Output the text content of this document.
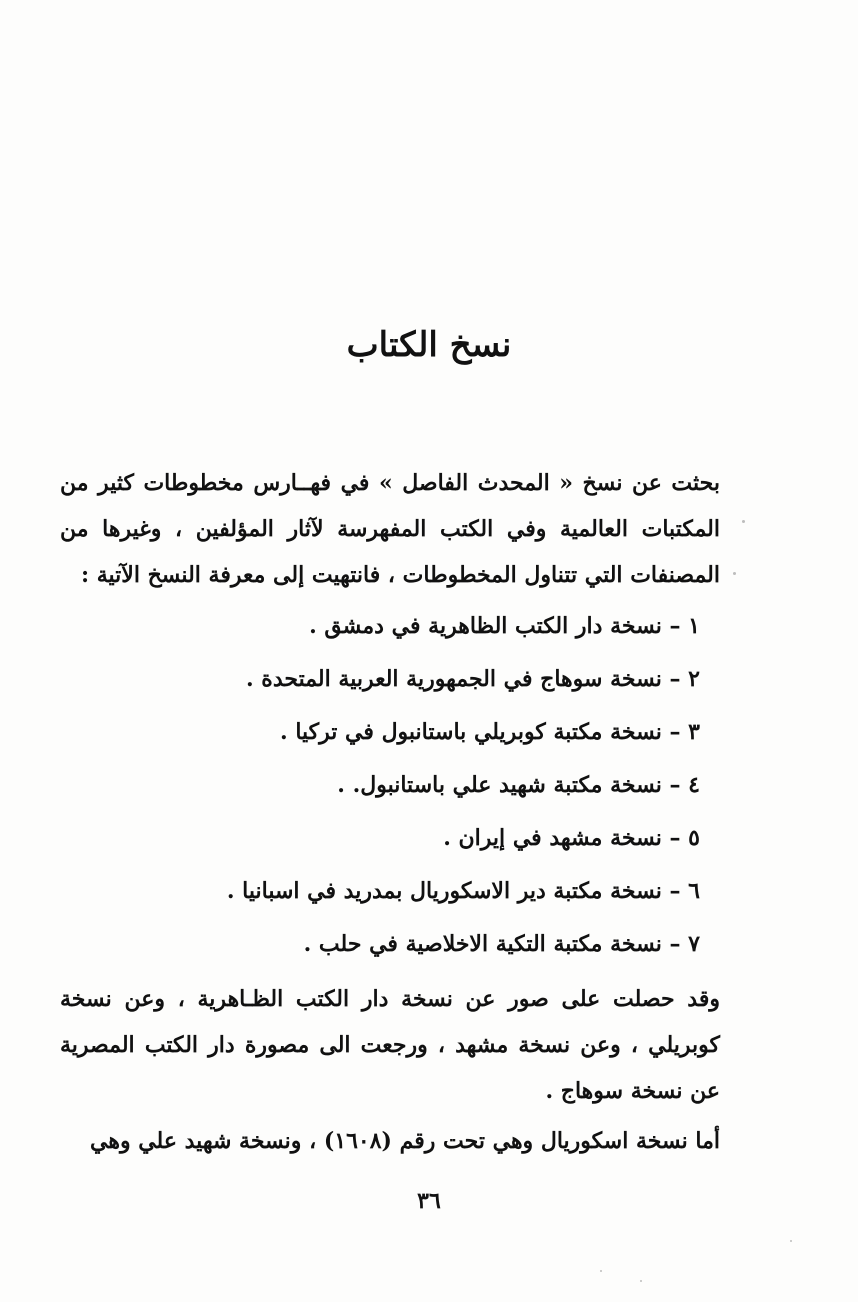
نسخ الكتاب

بحثت عن نسخ « المحدث الفاصل » في فهــارس مخطوطات كثير من المكتبات العالمية وفي الكتب المفهرسة لآثار المؤلفين ، وغيرها من المصنفات التي تتناول المخطوطات ، فانتهيت إلى معرفة النسخ الآتية :

١ – نسخة دار الكتب الظاهرية في دمشق .
٢ – نسخة سوهاج في الجمهورية العربية المتحدة .
٣ – نسخة مكتبة كوبريلي باستانبول في تركيا .
٤ – نسخة مكتبة شهيد علي باستانبول. .
٥ – نسخة مشهد في إيران .
٦ – نسخة مكتبة دير الاسكوريال بمدريد في اسبانيا .
٧ – نسخة مكتبة التكية الاخلاصية في حلب .

وقد حصلت على صور عن نسخة دار الكتب الظـاهرية ، وعن نسخة كوبريلي ، وعن نسخة مشهد ، ورجعت الى مصورة دار الكتب المصرية عن نسخة سوهاج .

أما نسخة اسكوريال وهي تحت رقم (١٦٠٨) ، ونسخة شهيد علي وهي

٣٦
